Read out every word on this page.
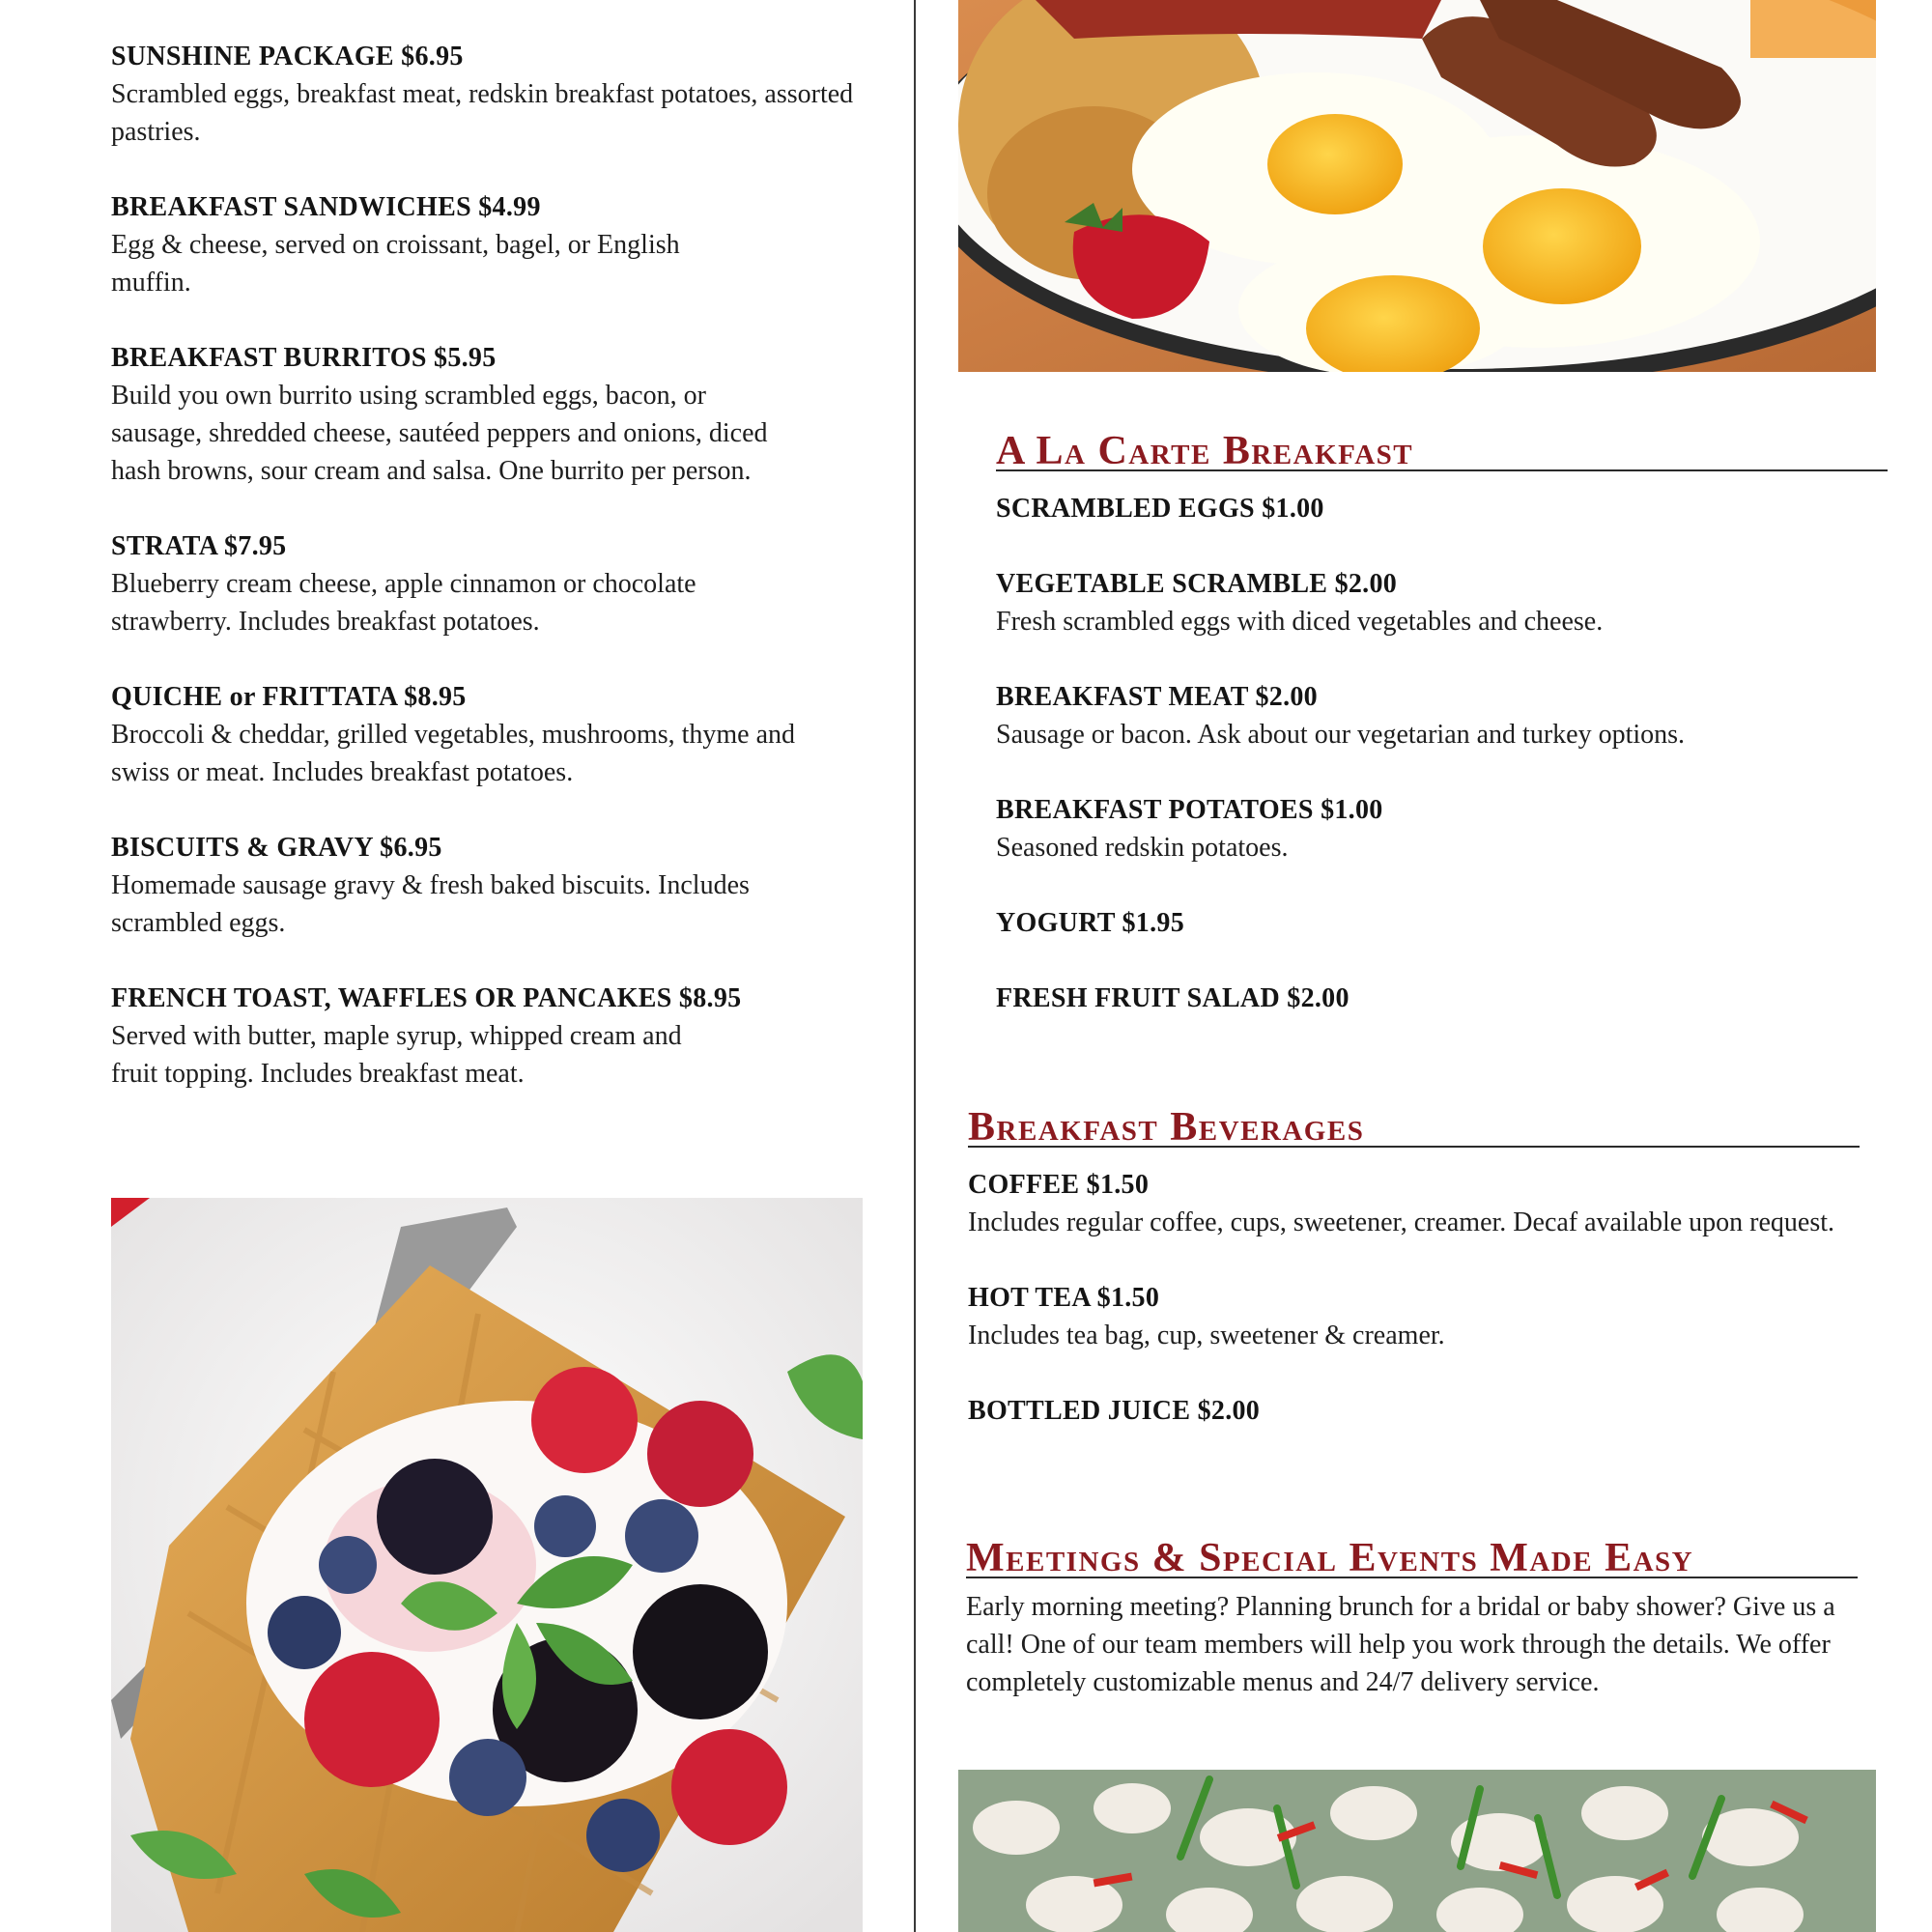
SUNSHINE PACKAGE $6.95
Scrambled eggs, breakfast meat, redskin breakfast potatoes, assorted pastries.
BREAKFAST SANDWICHES $4.99
Egg & cheese, served on croissant, bagel, or English muffin.
BREAKFAST BURRITOS $5.95
Build you own burrito using scrambled eggs, bacon, or sausage, shredded cheese, sautéed peppers and onions, diced hash browns, sour cream and salsa. One burrito per person.
STRATA $7.95
Blueberry cream cheese, apple cinnamon or chocolate strawberry. Includes breakfast potatoes.
QUICHE or FRITTATA $8.95
Broccoli & cheddar, grilled vegetables, mushrooms, thyme and swiss or meat. Includes breakfast potatoes.
BISCUITS & GRAVY $6.95
Homemade sausage gravy & fresh baked biscuits. Includes scrambled eggs.
FRENCH TOAST, WAFFLES OR PANCAKES $8.95
Served with butter, maple syrup, whipped cream and fruit topping. Includes breakfast meat.
A La Carte Breakfast
SCRAMBLED EGGS $1.00
VEGETABLE SCRAMBLE $2.00
Fresh scrambled eggs with diced vegetables and cheese.
BREAKFAST MEAT $2.00
Sausage or bacon. Ask about our vegetarian and turkey options.
BREAKFAST POTATOES $1.00
Seasoned redskin potatoes.
YOGURT $1.95
FRESH FRUIT SALAD $2.00
Breakfast Beverages
COFFEE $1.50
Includes regular coffee, cups, sweetener, creamer. Decaf available upon request.
HOT TEA $1.50
Includes tea bag, cup, sweetener & creamer.
BOTTLED JUICE $2.00
Meetings & Special Events Made Easy
Early morning meeting? Planning brunch for a bridal or baby shower? Give us a call! One of our team members will help you work through the details. We offer completely customizable menus and 24/7 delivery service.
